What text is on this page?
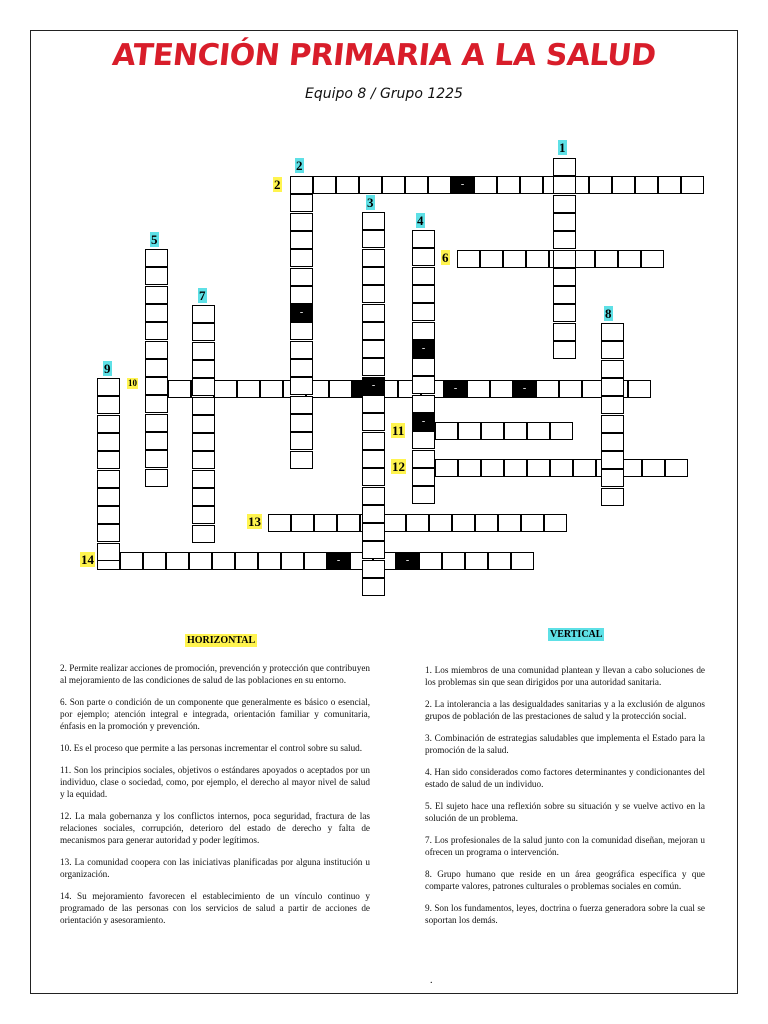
ATENCIÓN PRIMARIA A LA SALUD
Equipo 8 / Grupo 1225
-
-	-
-	-
-
-
-
-
1
2
2
3
4
5
6
7
8
9
10
11
12
13
14
HORIZONTAL
VERTICAL

2. Permite realizar acciones de promoción, prevención y protección que contribuyen al mejoramiento de las condiciones de salud de las poblaciones en su entorno.

6. Son parte o condición de un componente que generalmente es básico o esencial, por ejemplo; atención integral e integrada, orientación familiar y comunitaria, énfasis en la promoción y prevención.

10. Es el proceso que permite a las personas incrementar el control sobre su salud.

11. Son los principios sociales, objetivos o estándares apoyados o aceptados por un individuo, clase o sociedad, como, por ejemplo, el derecho al mayor nivel de salud y la equidad.

12. La mala gobernanza y los conflictos internos, poca seguridad, fractura de las relaciones sociales, corrupción, deterioro del estado de derecho y falta de mecanismos para generar autoridad y poder legítimos.

13. La comunidad coopera con las iniciativas planificadas por alguna institución u organización.

14. Su mejoramiento favorecen el establecimiento de un vínculo continuo y programado de las personas con los servicios de salud a partir de acciones de orientación y asesoramiento.

1. Los miembros de una comunidad plantean y llevan a cabo soluciones de los problemas sin que sean dirigidos por una autoridad sanitaria.

2. La intolerancia a las desigualdades sanitarias y a la exclusión de algunos grupos de población de las prestaciones de salud y la protección social.

3. Combinación de estrategias saludables que implementa el Estado para la promoción de la salud.

4. Han sido considerados como factores determinantes y condicionantes del estado de salud de un individuo.

5. El sujeto hace una reflexión sobre su situación y se vuelve activo en la solución de un problema.

7. Los profesionales de la salud junto con la comunidad diseñan, mejoran u ofrecen un programa o intervención.

8. Grupo humano que reside en un área geográfica específica y que comparte valores, patrones culturales o problemas sociales en común.

9. Son los fundamentos, leyes, doctrina o fuerza generadora sobre la cual se soportan los demás.

.
